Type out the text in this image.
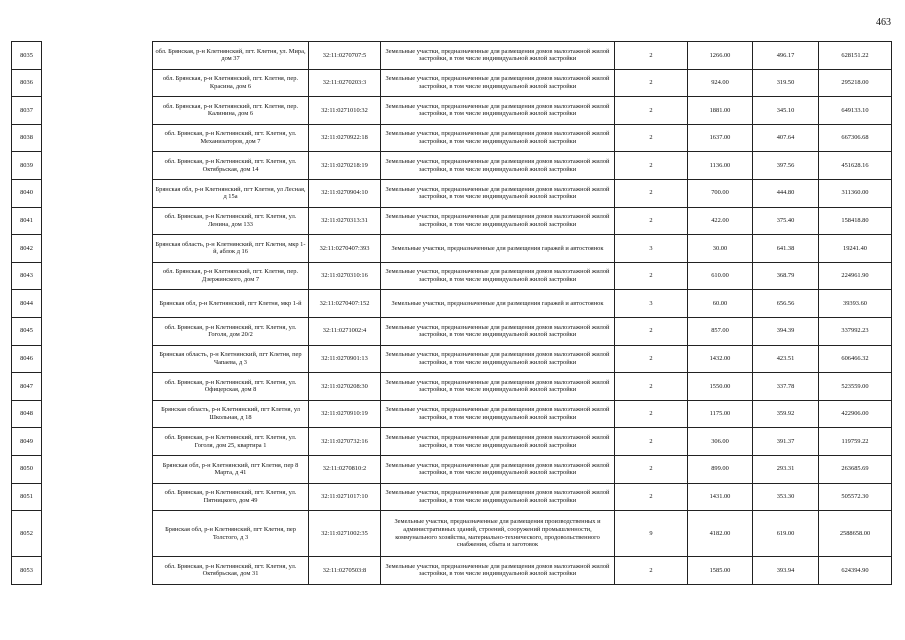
463
8035		обл. Брянская, р-н Клетнянский, пгт. Клетня, ул. Мира, дом 37	32:11:0270707:5	Земельные участки, предназначенные для размещения домов малоэтажной жилой застройки, в том числе индивидуальной жилой застройки	2	1266.00	496.17	628151.22
8036		обл. Брянская, р-н Клетнянский, пгт. Клетня, пер. Красина, дом 6	32:11:0270203:3	Земельные участки, предназначенные для размещения домов малоэтажной жилой застройки, в том числе индивидуальной жилой застройки	2	924.00	319.50	295218.00
8037		обл. Брянская, р-н Клетнянский, пгт. Клетня, пер. Калинина, дом 6	32:11:0271010:32	Земельные участки, предназначенные для размещения домов малоэтажной жилой застройки, в том числе индивидуальной жилой застройки	2	1881.00	345.10	649133.10
8038		обл. Брянская, р-н Клетнянский, пгт. Клетня, ул. Механизаторов, дом 7	32:11:0270922:18	Земельные участки, предназначенные для размещения домов малоэтажной жилой застройки, в том числе индивидуальной жилой застройки	2	1637.00	407.64	667306.68
8039		обл. Брянская, р-н Клетнянский, пгт. Клетня, ул. Октябрьская, дом 14	32:11:0270218:19	Земельные участки, предназначенные для размещения домов малоэтажной жилой застройки, в том числе индивидуальной жилой застройки	2	1136.00	397.56	451628.16
8040		Брянская обл, р-н Клетнянский, пгт Клетня, ул Лесная, д 15а	32:11:0270904:10	Земельные участки, предназначенные для размещения домов малоэтажной жилой застройки, в том числе индивидуальной жилой застройки	2	700.00	444.80	311360.00
8041		обл. Брянская, р-н Клетнянский, пгт. Клетня, ул. Ленина, дом 133	32:11:0270313:31	Земельные участки, предназначенные для размещения домов малоэтажной жилой застройки, в том числе индивидуальной жилой застройки	2	422.00	375.40	158418.80
8042		Брянская область, р-н Клетнянский, пгт Клетня, мкр 1-й, аблок д 16	32:11:0270407:393	Земельные участки, предназначенные для размещения гаражей и автостоянок	3	30.00	641.38	19241.40
8043		обл. Брянская, р-н Клетнянский, пгт. Клетня, пер. Дзержинского, дом 7	32:11:0270310:16	Земельные участки, предназначенные для размещения домов малоэтажной жилой застройки, в том числе индивидуальной жилой застройки	2	610.00	368.79	224961.90
8044		Брянская обл, р-н Клетнянский, пгт Клетня, мкр 1-й	32:11:0270407:152	Земельные участки, предназначенные для размещения гаражей и автостоянок	3	60.00	656.56	39393.60
8045		обл. Брянская, р-н Клетнянский, пгт. Клетня, ул. Гоголя, дом 20/2	32:11:0271002:4	Земельные участки, предназначенные для размещения домов малоэтажной жилой застройки, в том числе индивидуальной жилой застройки	2	857.00	394.39	337992.23
8046		Брянская область, р-н Клетнянский, пгт Клетня, пер Чапаева, д 3	32:11:0270901:13	Земельные участки, предназначенные для размещения домов малоэтажной жилой застройки, в том числе индивидуальной жилой застройки	2	1432.00	423.51	606466.32
8047		обл. Брянская, р-н Клетнянский, пгт. Клетня, ул. Офицерская, дом 8	32:11:0270208:30	Земельные участки, предназначенные для размещения домов малоэтажной жилой застройки, в том числе индивидуальной жилой застройки	2	1550.00	337.78	523559.00
8048		Брянская область, р-н Клетнянский, пгт Клетня, ул Школьная, д 18	32:11:0270910:19	Земельные участки, предназначенные для размещения домов малоэтажной жилой застройки, в том числе индивидуальной жилой застройки	2	1175.00	359.92	422906.00
8049		обл. Брянская, р-н Клетнянский, пгт. Клетня, ул. Гоголя, дом 25, квартира 1	32:11:0270732:16	Земельные участки, предназначенные для размещения домов малоэтажной жилой застройки, в том числе индивидуальной жилой застройки	2	306.00	391.37	119759.22
8050		Брянская обл, р-н Клетнянский, пгт Клетня, пер 8 Марта, д 41	32:11:0270810:2	Земельные участки, предназначенные для размещения домов малоэтажной жилой застройки, в том числе индивидуальной жилой застройки	2	899.00	293.31	263685.69
8051		обл. Брянская, р-н Клетнянский, пгт. Клетня, ул. Пятницкого, дом 49	32:11:0271017:10	Земельные участки, предназначенные для размещения домов малоэтажной жилой застройки, в том числе индивидуальной жилой застройки	2	1431.00	353.30	505572.30
8052		Брянская обл, р-н Клетнянский, пгт Клетня, пер Толстого, д 3	32:11:0271002:35	Земельные участки, предназначенные для размещения производственных и административных зданий, строений, сооружений промышленности, коммунального хозяйства, материально-технического, продовольственного снабжения, сбыта и заготовок	9	4182.00	619.00	2588658.00
8053		обл. Брянская, р-н Клетнянский, пгт. Клетня, ул. Октябрьская, дом 31	32:11:0270503:8	Земельные участки, предназначенные для размещения домов малоэтажной жилой застройки, в том числе индивидуальной жилой застройки	2	1585.00	393.94	624394.90
